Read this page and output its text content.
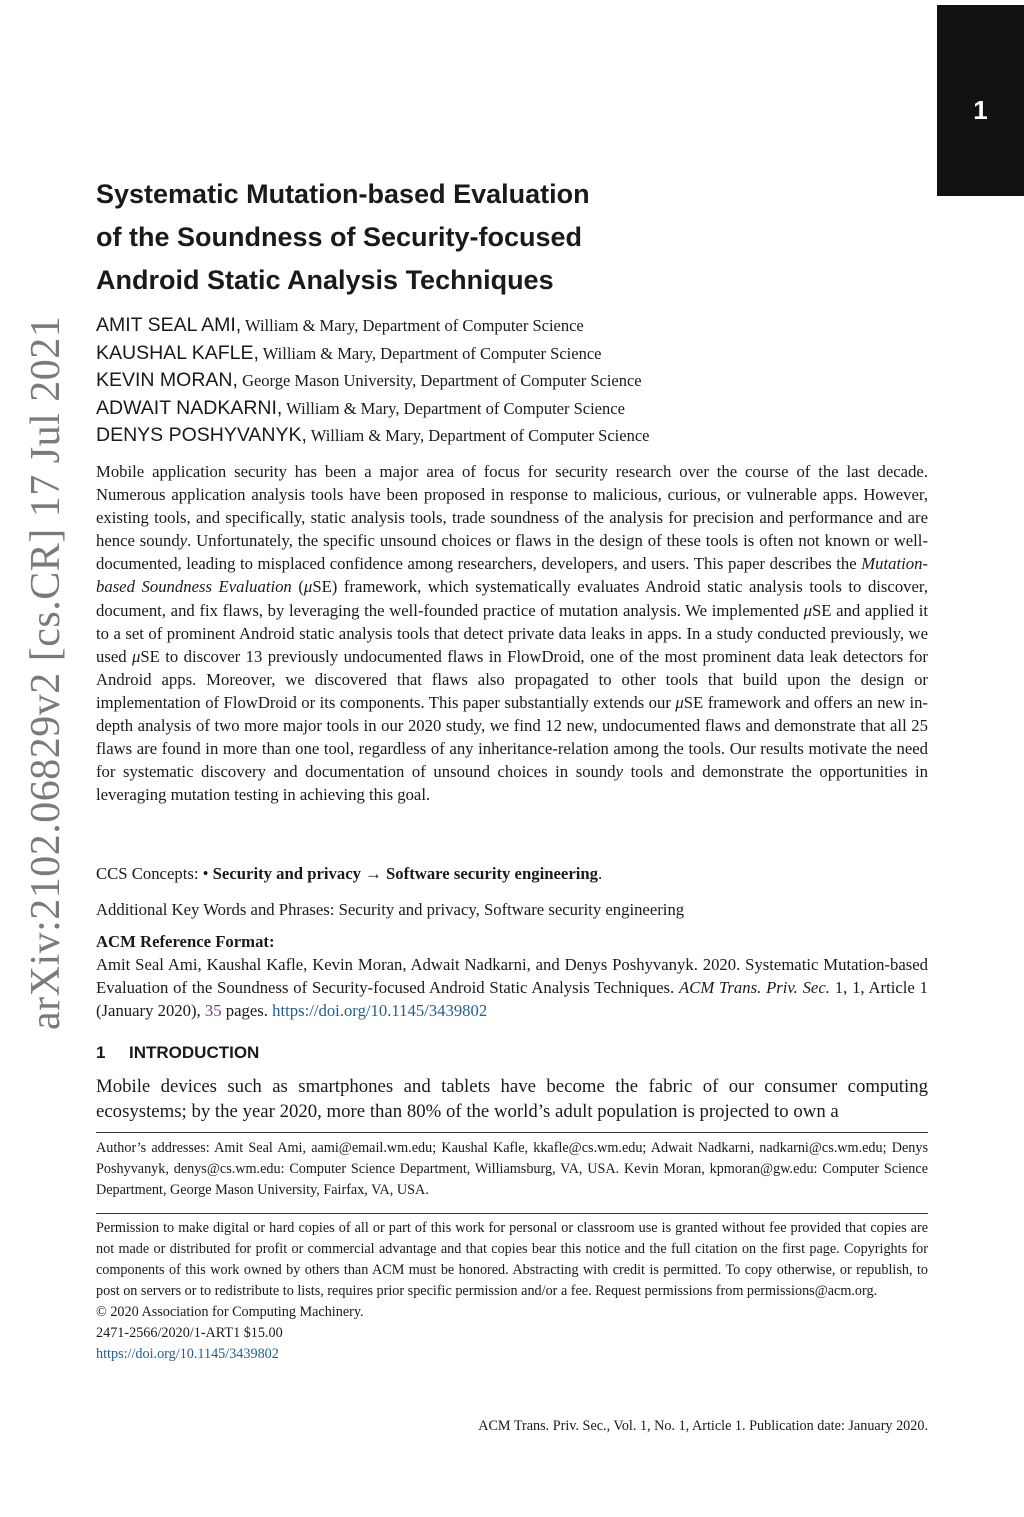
1
arXiv:2102.06829v2 [cs.CR] 17 Jul 2021
Systematic Mutation-based Evaluation
of the Soundness of Security-focused
Android Static Analysis Techniques
AMIT SEAL AMI, William & Mary, Department of Computer Science
KAUSHAL KAFLE, William & Mary, Department of Computer Science
KEVIN MORAN, George Mason University, Department of Computer Science
ADWAIT NADKARNI, William & Mary, Department of Computer Science
DENYS POSHYVANYK, William & Mary, Department of Computer Science
Mobile application security has been a major area of focus for security research over the course of the last decade. Numerous application analysis tools have been proposed in response to malicious, curious, or vulnerable apps. However, existing tools, and specifically, static analysis tools, trade soundness of the analysis for precision and performance and are hence soundy. Unfortunately, the specific unsound choices or flaws in the design of these tools is often not known or well-documented, leading to misplaced confidence among researchers, developers, and users. This paper describes the Mutation-based Soundness Evaluation (μSE) framework, which systematically evaluates Android static analysis tools to discover, document, and fix flaws, by leveraging the well-founded practice of mutation analysis. We implemented μSE and applied it to a set of prominent Android static analysis tools that detect private data leaks in apps. In a study conducted previously, we used μSE to discover 13 previously undocumented flaws in FlowDroid, one of the most prominent data leak detectors for Android apps. Moreover, we discovered that flaws also propagated to other tools that build upon the design or implementation of FlowDroid or its components. This paper substantially extends our μSE framework and offers an new in-depth analysis of two more major tools in our 2020 study, we find 12 new, undocumented flaws and demonstrate that all 25 flaws are found in more than one tool, regardless of any inheritance-relation among the tools. Our results motivate the need for systematic discovery and documentation of unsound choices in soundy tools and demonstrate the opportunities in leveraging mutation testing in achieving this goal.
CCS Concepts: • Security and privacy → Software security engineering.
Additional Key Words and Phrases: Security and privacy, Software security engineering
ACM Reference Format:
Amit Seal Ami, Kaushal Kafle, Kevin Moran, Adwait Nadkarni, and Denys Poshyvanyk. 2020. Systematic Mutation-based Evaluation of the Soundness of Security-focused Android Static Analysis Techniques. ACM Trans. Priv. Sec. 1, 1, Article 1 (January 2020), 35 pages. https://doi.org/10.1145/3439802
1 INTRODUCTION
Mobile devices such as smartphones and tablets have become the fabric of our consumer computing ecosystems; by the year 2020, more than 80% of the world’s adult population is projected to own a
Author’s addresses: Amit Seal Ami, aami@email.wm.edu; Kaushal Kafle, kkafle@cs.wm.edu; Adwait Nadkarni, nadkarni@cs.wm.edu; Denys Poshyvanyk, denys@cs.wm.edu: Computer Science Department, Williamsburg, VA, USA. Kevin Moran, kpmoran@gw.edu: Computer Science Department, George Mason University, Fairfax, VA, USA.
Permission to make digital or hard copies of all or part of this work for personal or classroom use is granted without fee provided that copies are not made or distributed for profit or commercial advantage and that copies bear this notice and the full citation on the first page. Copyrights for components of this work owned by others than ACM must be honored. Abstracting with credit is permitted. To copy otherwise, or republish, to post on servers or to redistribute to lists, requires prior specific permission and/or a fee. Request permissions from permissions@acm.org.
© 2020 Association for Computing Machinery.
2471-2566/2020/1-ART1 $15.00
https://doi.org/10.1145/3439802
ACM Trans. Priv. Sec., Vol. 1, No. 1, Article 1. Publication date: January 2020.
